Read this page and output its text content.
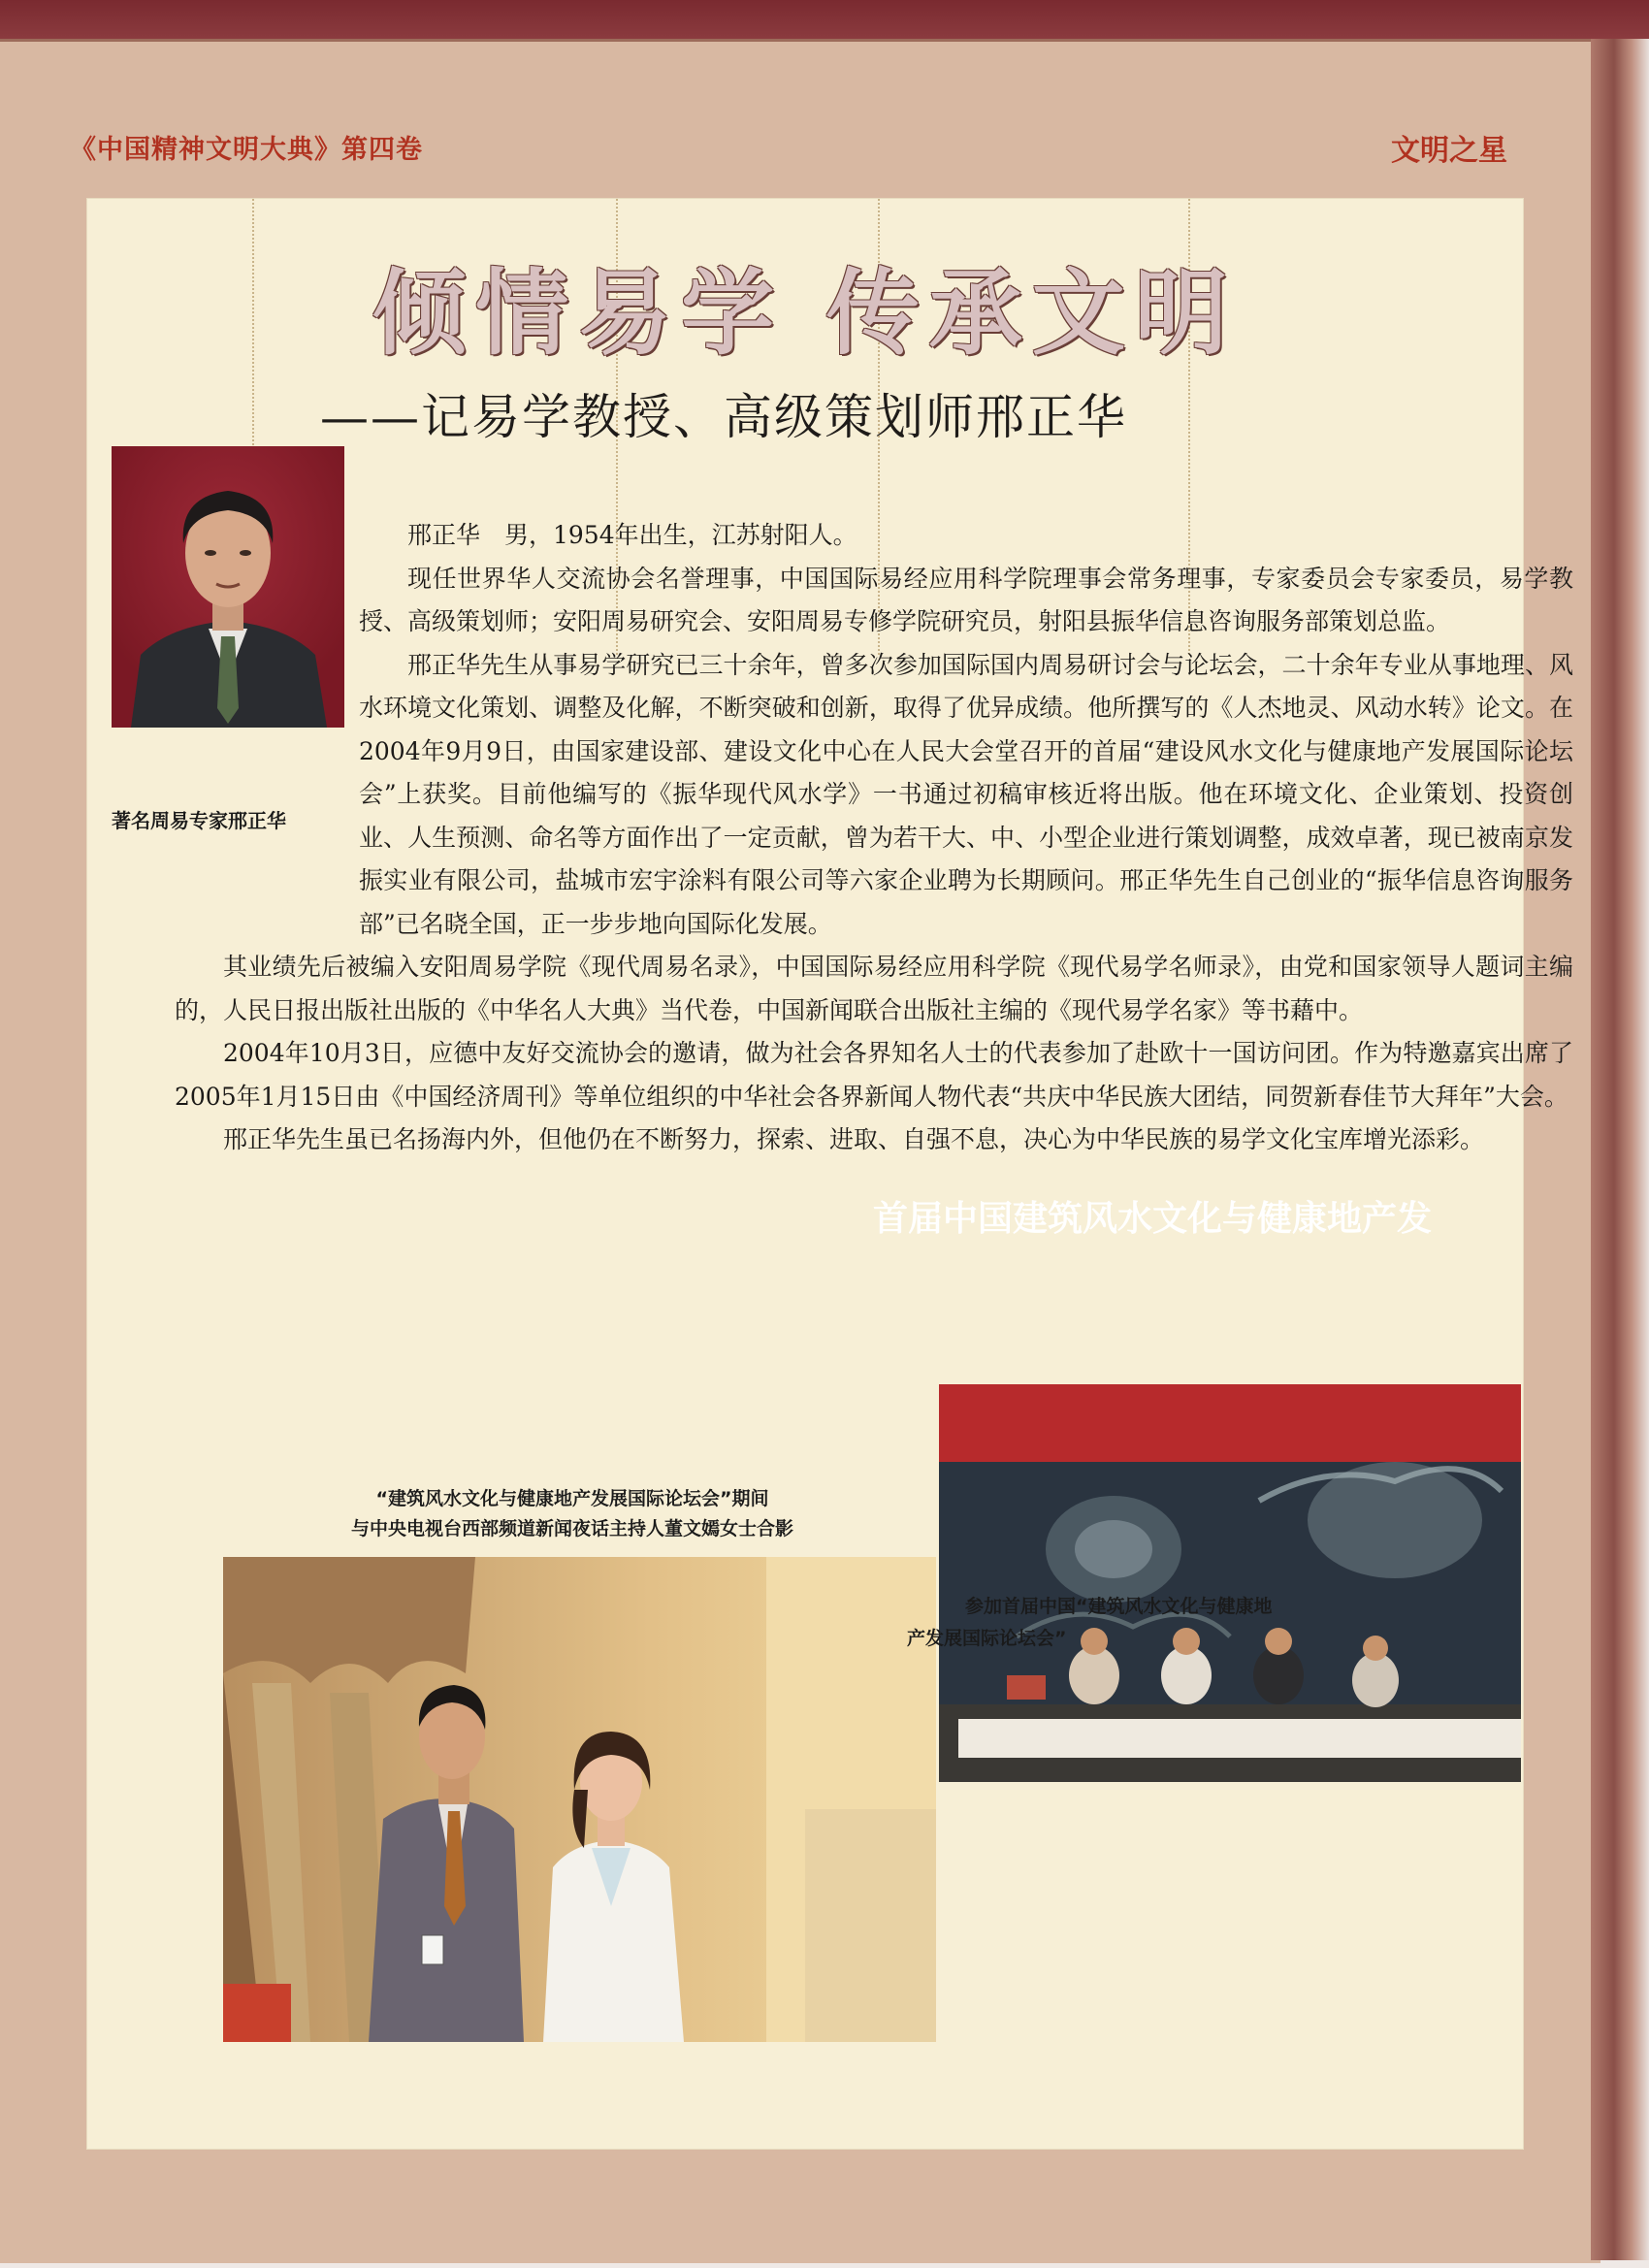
《中国精神文明大典》第四卷	文明之星
倾情易学 传承文明
——记易学教授、高级策划师邢正华
著名周易专家邢正华

邢正华　男，1954年出生，江苏射阳人。

现任世界华人交流协会名誉理事，中国国际易经应用科学院理事会常务理事，专家委员会专家委员，易学教授、高级策划师；安阳周易研究会、安阳周易专修学院研究员，射阳县振华信息咨询服务部策划总监。

邢正华先生从事易学研究已三十余年，曾多次参加国际国内周易研讨会与论坛会，二十余年专业从事地理、风水环境文化策划、调整及化解，不断突破和创新，取得了优异成绩。他所撰写的《人杰地灵、风动水转》论文。在2004年9月9日，由国家建设部、建设文化中心在人民大会堂召开的首届“建设风水文化与健康地产发展国际论坛会”上获奖。目前他编写的《振华现代风水学》一书通过初稿审核近将出版。他在环境文化、企业策划、投资创业、人生预测、命名等方面作出了一定贡献，曾为若干大、中、小型企业进行策划调整，成效卓著，现已被南京发振实业有限公司，盐城市宏宇涂料有限公司等六家企业聘为长期顾问。邢正华先生自己创业的“振华信息咨询服务部”已名晓全国，正一步步地向国际化发展。

其业绩先后被编入安阳周易学院《现代周易名录》，中国国际易经应用科学院《现代易学名师录》，由党和国家领导人题词主编的，人民日报出版社出版的《中华名人大典》当代卷，中国新闻联合出版社主编的《现代易学名家》等书藉中。

2004年10月3日，应德中友好交流协会的邀请，做为社会各界知名人士的代表参加了赴欧十一国访问团。作为特邀嘉宾出席了2005年1月15日由《中国经济周刊》等单位组织的中华社会各界新闻人物代表“共庆中华民族大团结，同贺新春佳节大拜年”大会。

邢正华先生虽已名扬海内外，但他仍在不断努力，探索、进取、自强不息，决心为中华民族的易学文化宝库增光添彩。

“建筑风水文化与健康地产发展国际论坛会”期间
与中央电视台西部频道新闻夜话主持人董文嫣女士合影
首届中国建筑风水文化与健康地产发
参加首届中国“建筑风水文化与健康地
产发展国际论坛会”
